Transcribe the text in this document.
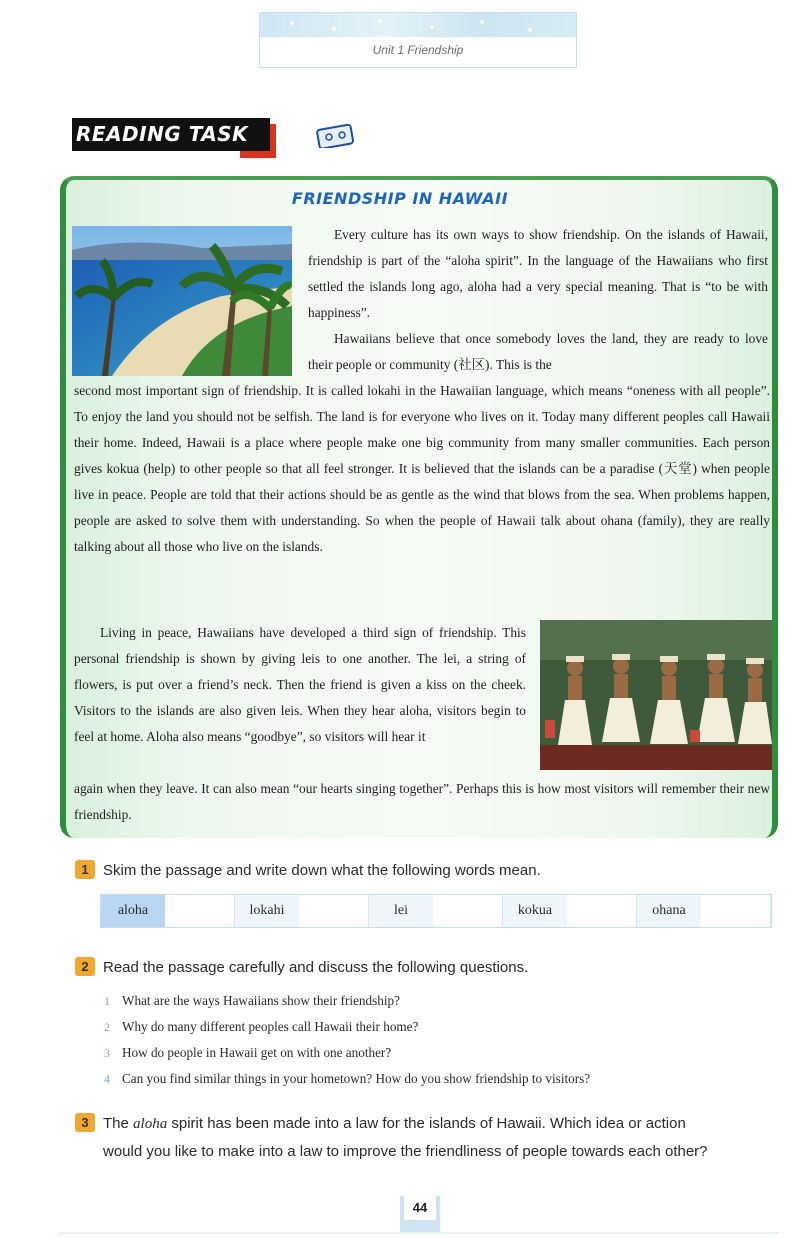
Unit 1 Friendship
READING TASK
FRIENDSHIP IN HAWAII

Every culture has its own ways to show friendship. On the islands of Hawaii, friendship is part of the “aloha spirit”. In the language of the Hawaiians who first settled the islands long ago, aloha had a very special meaning. That is “to be with happiness”.

Hawaiians believe that once somebody loves the land, they are ready to love their people or community (社区). This is the

second most important sign of friendship. It is called lokahi in the Hawaiian language, which means “oneness with all people”. To enjoy the land you should not be selfish. The land is for everyone who lives on it. Today many different peoples call Hawaii their home. Indeed, Hawaii is a place where people make one big community from many smaller communities. Each person gives kokua (help) to other people so that all feel stronger. It is believed that the islands can be a paradise (天堂) when people live in peace. People are told that their actions should be as gentle as the wind that blows from the sea. When problems happen, people are asked to solve them with understanding. So when the people of Hawaii talk about ohana (family), they are really talking about all those who live on the islands.

Living in peace, Hawaiians have developed a third sign of friendship. This personal friendship is shown by giving leis to one another. The lei, a string of flowers, is put over a friend’s neck. Then the friend is given a kiss on the cheek. Visitors to the islands are also given leis. When they hear aloha, visitors begin to feel at home. Aloha also means “goodbye”, so visitors will hear it

again when they leave. It can also mean “our hearts singing together”. Perhaps this is how most visitors will remember their new friendship.

1 Skim the passage and write down what the following words mean.
aloha	lokahi	lei	kokua	ohana
2 Read the passage carefully and discuss the following questions.
1 What are the ways Hawaiians show their friendship?
2 Why do many different peoples call Hawaii their home?
3 How do people in Hawaii get on with one another?
4 Can you find similar things in your hometown? How do you show friendship to visitors?
3 The aloha spirit has been made into a law for the islands of Hawaii. Which idea or action
would you like to make into a law to improve the friendliness of people towards each other?
44
